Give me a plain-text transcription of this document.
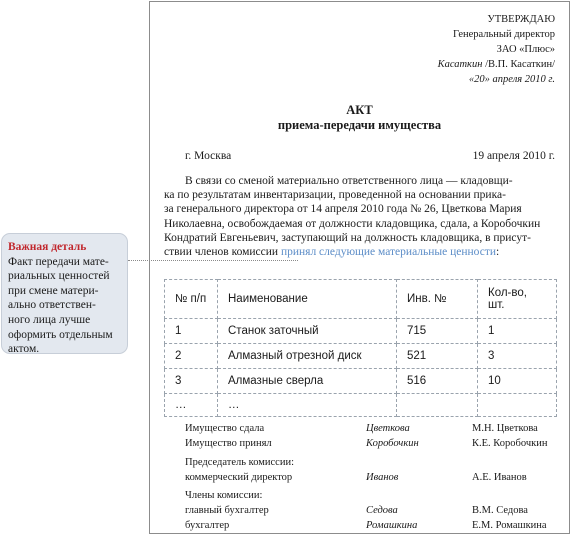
УТВЕРЖДАЮ
Генеральный директор
ЗАО «Плюс»
Касаткин /В.П. Касаткин/
«20» апреля 2010 г.
АКТ
приема-передачи имущества
г. Москва	19 апреля 2010 г.
В связи со сменой материально ответственного лица — кладовщи-
ка по результатам инвентаризации, проведенной на основании прика-
за генерального директора от 14 апреля 2010 года № 26, Цветкова Мария
Николаевна, освобождаемая от должности кладовщика, сдала, а Коробочкин
Кондратий Евгеньевич, заступающий на должность кладовщика, в присут-
ствии членов комиссии принял следующие материальные ценности:
№ п/п	Наименование	Инв. №	Кол-во, шт.
1	Станок заточный	715	1
2	Алмазный отрезной диск	521	3
3	Алмазные сверла	516	10
…	…		
Имущество сдала	Цветкова	М.Н. Цветкова
Имущество принял	Коробочкин	К.Е. Коробочкин
Председатель комиссии:
коммерческий директор	Иванов	А.Е. Иванов
Члены комиссии:
главный бухгалтер	Седова	В.М. Седова
бухгалтер	Ромашкина	Е.М. Ромашкина
Важная деталь
Факт передачи мате-
риальных ценностей
при смене матери-
ально ответствен-
ного лица лучше
оформить отдельным
актом.
